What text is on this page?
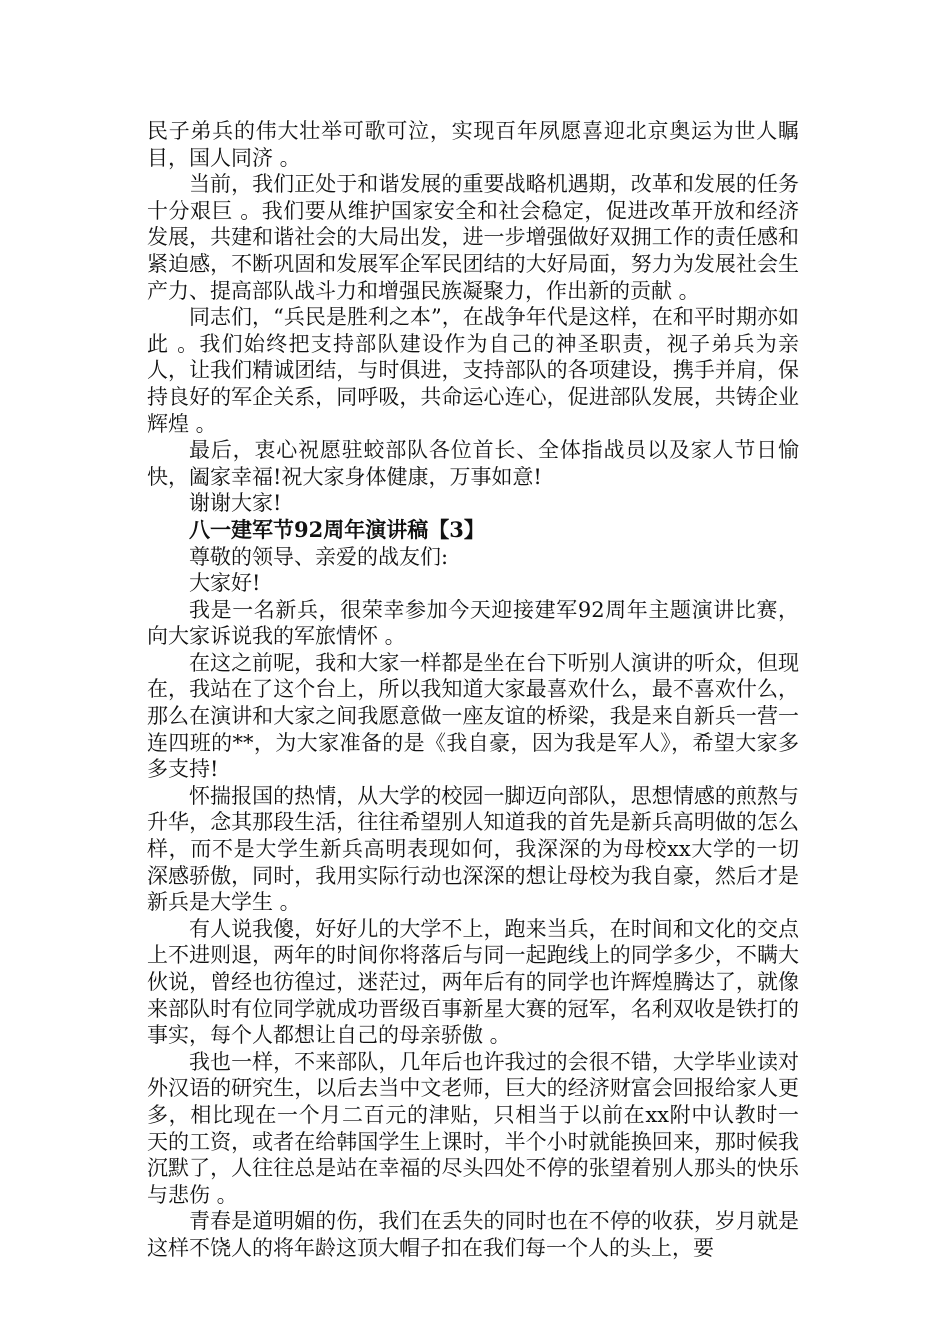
民子弟兵的伟大壮举可歌可泣，实现百年夙愿喜迎北京奥运为世人瞩目，国人同济 。

当前，我们正处于和谐发展的重要战略机遇期，改革和发展的任务十分艰巨 。我们要从维护国家安全和社会稳定，促进改革开放和经济发展，共建和谐社会的大局出发，进一步增强做好双拥工作的责任感和紧迫感，不断巩固和发展军企军民团结的大好局面，努力为发展社会生产力、提高部队战斗力和增强民族凝聚力，作出新的贡献 。

同志们，“兵民是胜利之本”，在战争年代是这样，在和平时期亦如此 。我们始终把支持部队建设作为自己的神圣职责，视子弟兵为亲人，让我们精诚团结，与时俱进，支持部队的各项建设，携手并肩，保持良好的军企关系，同呼吸，共命运心连心，促进部队发展，共铸企业辉煌 。

最后，衷心祝愿驻蛟部队各位首长、全体指战员以及家人节日愉快，阖家幸福!祝大家身体健康，万事如意!

谢谢大家!

八一建军节92周年演讲稿【3】

尊敬的领导、亲爱的战友们:

大家好!

我是一名新兵，很荣幸参加今天迎接建军92周年主题演讲比赛，向大家诉说我的军旅情怀 。

在这之前呢，我和大家一样都是坐在台下听别人演讲的听众，但现在，我站在了这个台上，所以我知道大家最喜欢什么，最不喜欢什么，那么在演讲和大家之间我愿意做一座友谊的桥梁，我是来自新兵一营一连四班的**，为大家准备的是《我自豪，因为我是军人》，希望大家多多支持!

怀揣报国的热情，从大学的校园一脚迈向部队，思想情感的煎熬与升华，念其那段生活，往往希望别人知道我的首先是新兵高明做的怎么样，而不是大学生新兵高明表现如何，我深深的为母校xx大学的一切深感骄傲，同时，我用实际行动也深深的想让母校为我自豪，然后才是新兵是大学生 。

有人说我傻，好好儿的大学不上，跑来当兵，在时间和文化的交点上不进则退，两年的时间你将落后与同一起跑线上的同学多少，不瞒大伙说，曾经也彷徨过，迷茫过，两年后有的同学也许辉煌腾达了，就像来部队时有位同学就成功晋级百事新星大赛的冠军，名利双收是铁打的事实，每个人都想让自己的母亲骄傲 。

我也一样，不来部队，几年后也许我过的会很不错，大学毕业读对外汉语的研究生，以后去当中文老师，巨大的经济财富会回报给家人更多，相比现在一个月二百元的津贴，只相当于以前在xx附中认教时一天的工资，或者在给韩国学生上课时，半个小时就能换回来，那时候我沉默了，人往往总是站在幸福的尽头四处不停的张望着别人那头的快乐与悲伤 。

青春是道明媚的伤，我们在丢失的同时也在不停的收获，岁月就是这样不饶人的将年龄这顶大帽子扣在我们每一个人的头上，要
